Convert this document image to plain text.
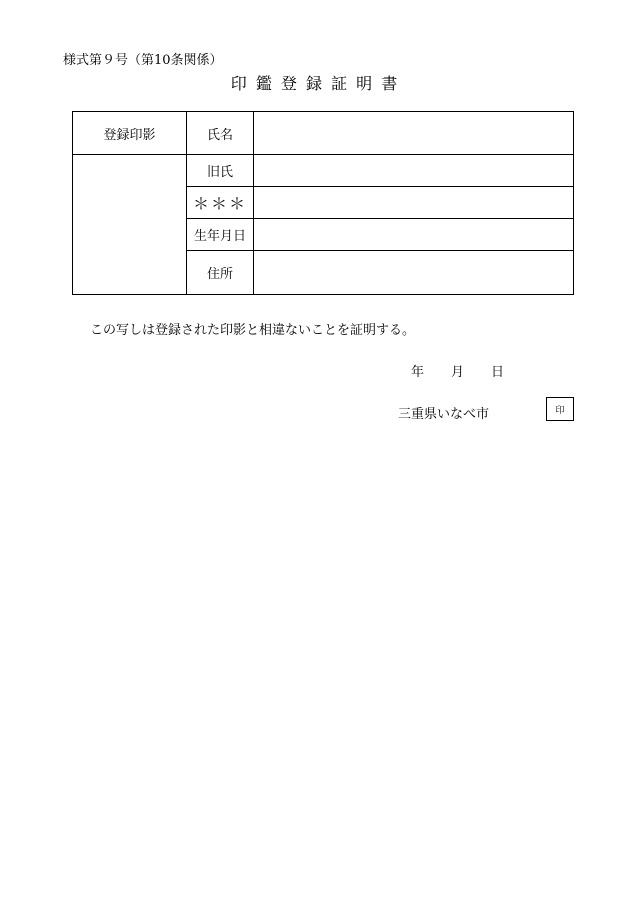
様式第９号（第10条関係）
印 鑑 登 録 証 明 書
登録印影	氏名	
	旧氏	
	＊＊＊	
	生年月日	
	住所	
この写しは登録された印影と相違ないことを証明する。
年	月	日
三重県いなべ市	印
